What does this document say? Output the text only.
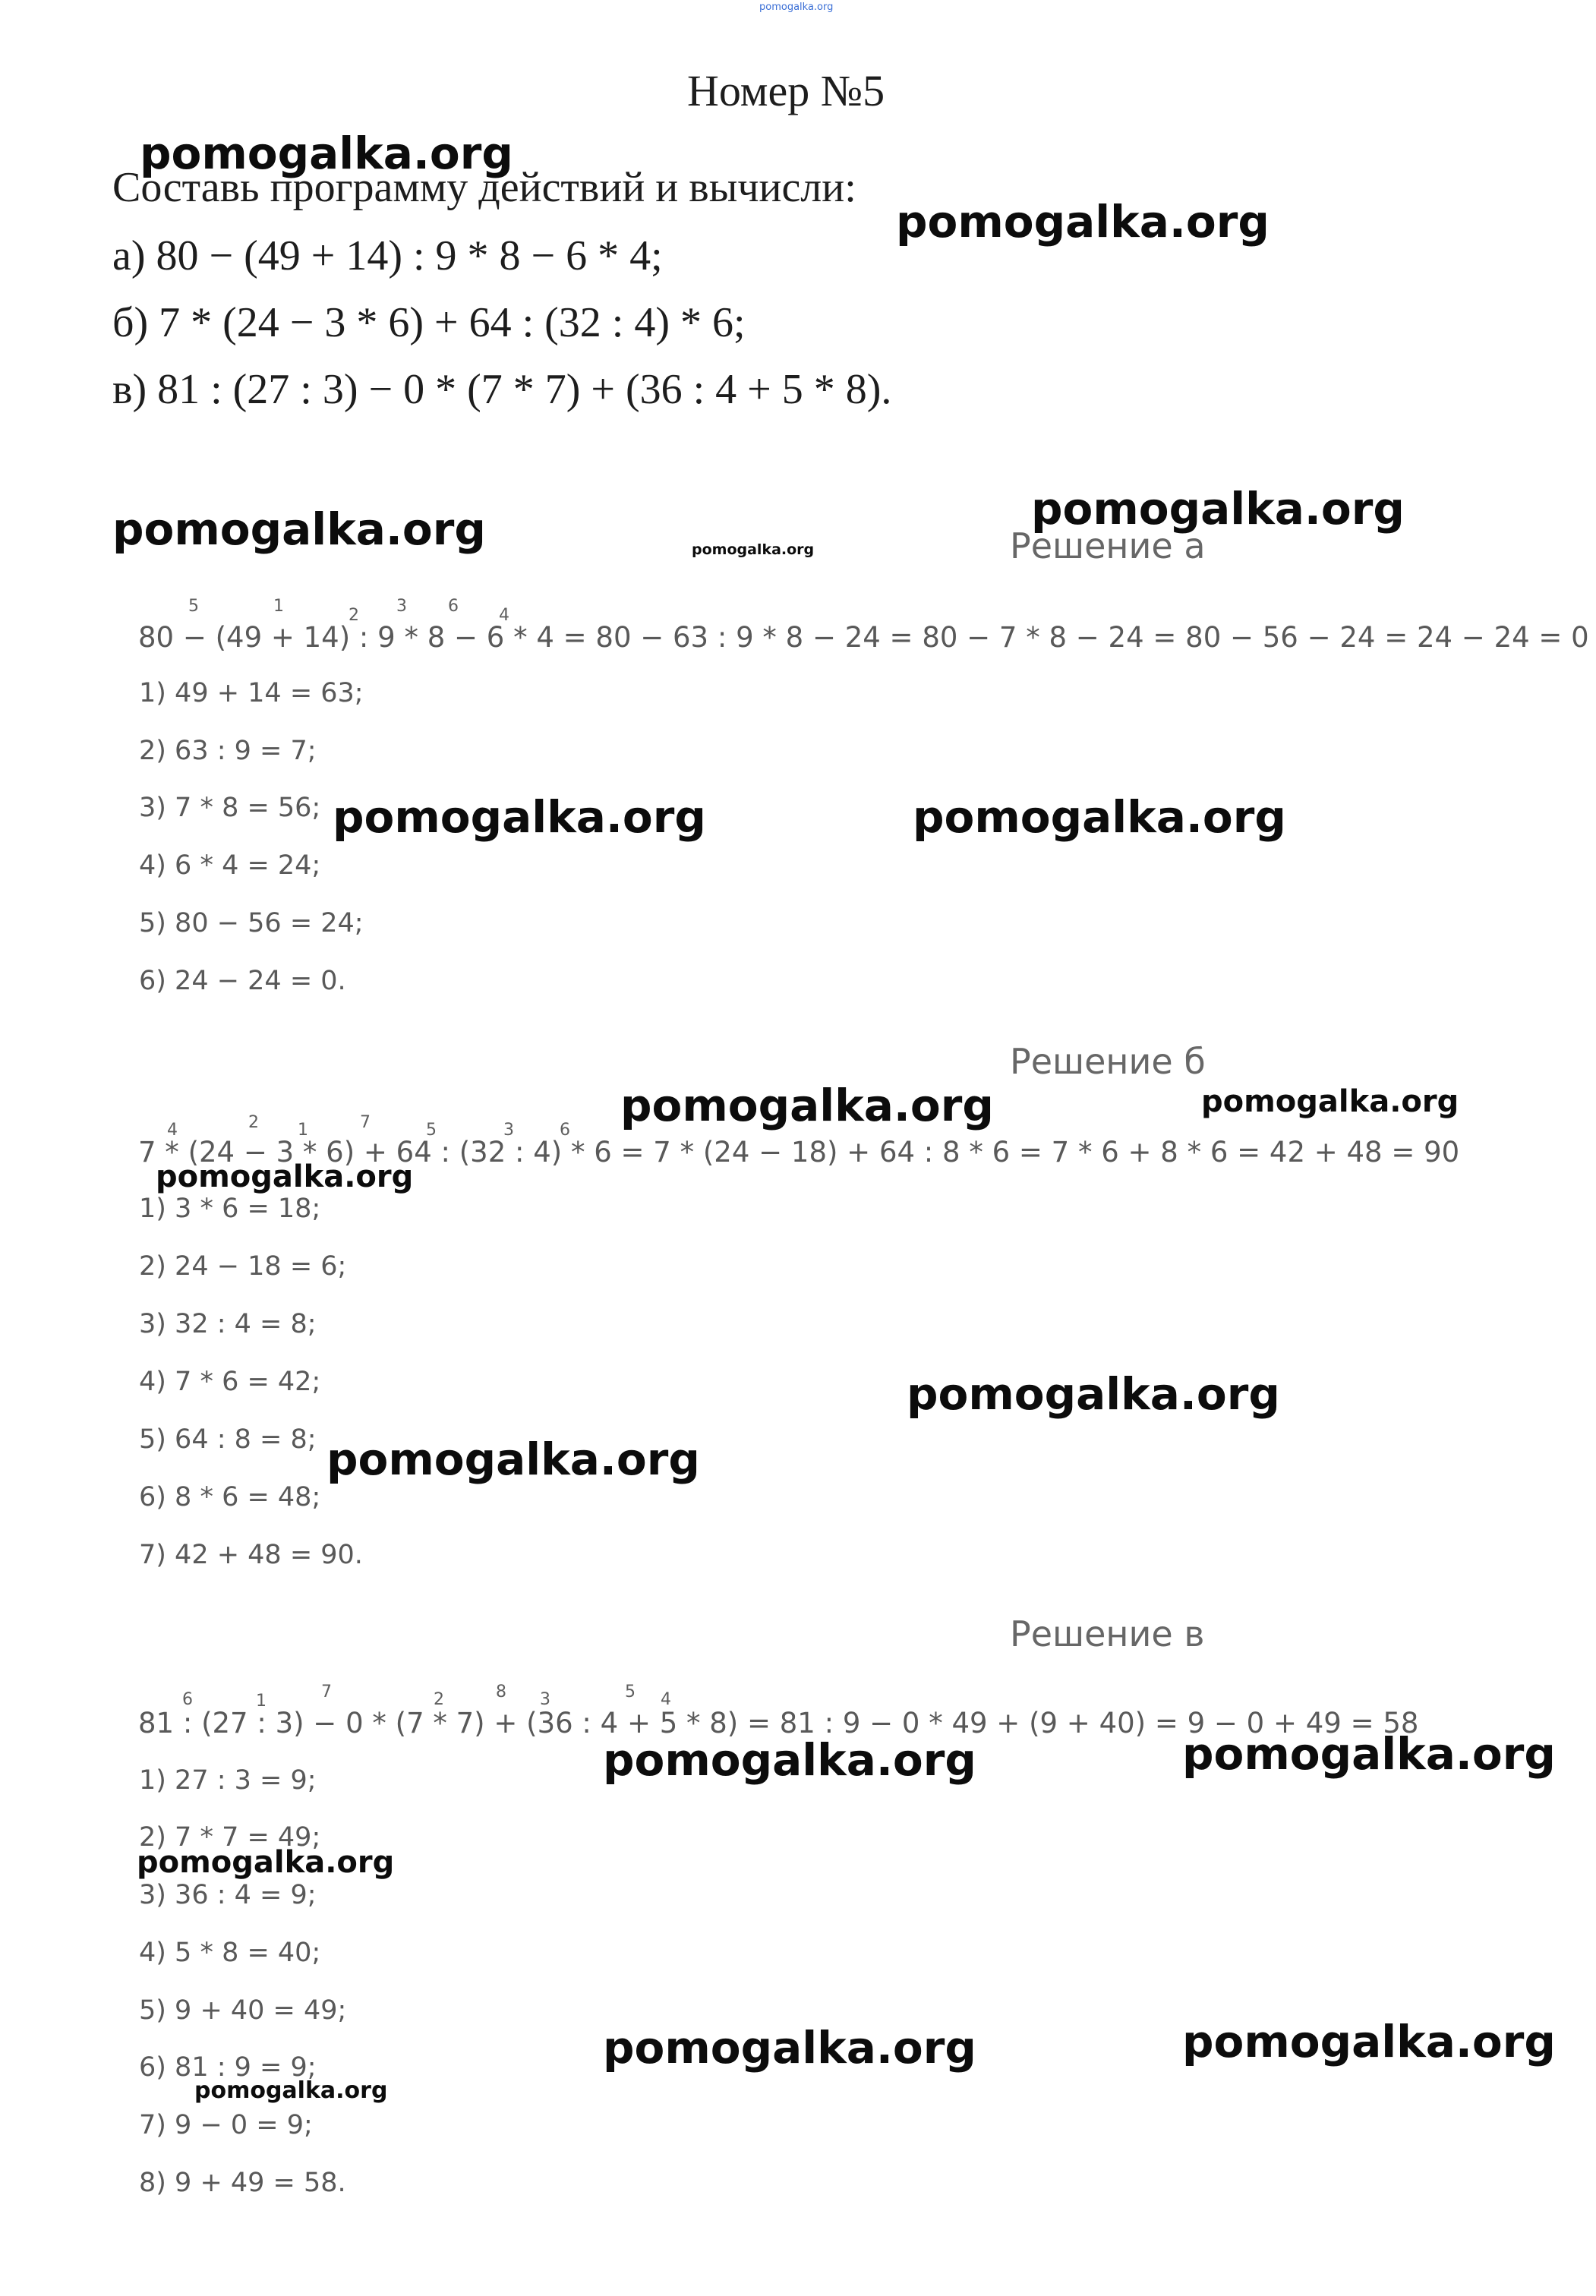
pomogalka.org
Номер №5
Составь программу действий и вычисли:
а) 80 − (49 + 14) : 9 * 8 − 6 * 4;
б) 7 * (24 − 3 * 6) + 64 : (32 : 4) * 6;
в) 81 : (27 : 3) − 0 * (7 * 7) + (36 : 4 + 5 * 8).
Решение а
5	1	2 3 6 4
80 − (49 + 14) : 9 * 8 − 6 * 4 = 80 − 63 : 9 * 8 − 24 = 80 − 7 * 8 − 24 = 80 − 56 − 24 = 24 − 24 = 0
1) 49 + 14 = 63;
2) 63 : 9 = 7;
3) 7 * 8 = 56;
4) 6 * 4 = 24;
5) 80 − 56 = 24;
6) 24 − 24 = 0.
Решение б
4	2 1	7	5	3	6
7 * (24 − 3 * 6) + 64 : (32 : 4) * 6 = 7 * (24 − 18) + 64 : 8 * 6 = 7 * 6 + 8 * 6 = 42 + 48 = 90
1) 3 * 6 = 18;
2) 24 − 18 = 6;
3) 32 : 4 = 8;
4) 7 * 6 = 42;
5) 64 : 8 = 8;
6) 8 * 6 = 48;
7) 42 + 48 = 90.
Решение в
6	1	7	2	8 3	5 4
81 : (27 : 3) − 0 * (7 * 7) + (36 : 4 + 5 * 8) = 81 : 9 − 0 * 49 + (9 + 40) = 9 − 0 + 49 = 58
1) 27 : 3 = 9;
2) 7 * 7 = 49;
3) 36 : 4 = 9;
4) 5 * 8 = 40;
5) 9 + 40 = 49;
6) 81 : 9 = 9;
7) 9 − 0 = 9;
8) 9 + 49 = 58.
pomogalka.org
pomogalka.org
pomogalka.org	pomogalka.org
pomogalka.org
pomogalka.org	pomogalka.org
pomogalka.org	pomogalka.org
pomogalka.org
pomogalka.org
pomogalka.org
pomogalka.org	pomogalka.org
pomogalka.org
pomogalka.org	pomogalka.org
pomogalka.org
